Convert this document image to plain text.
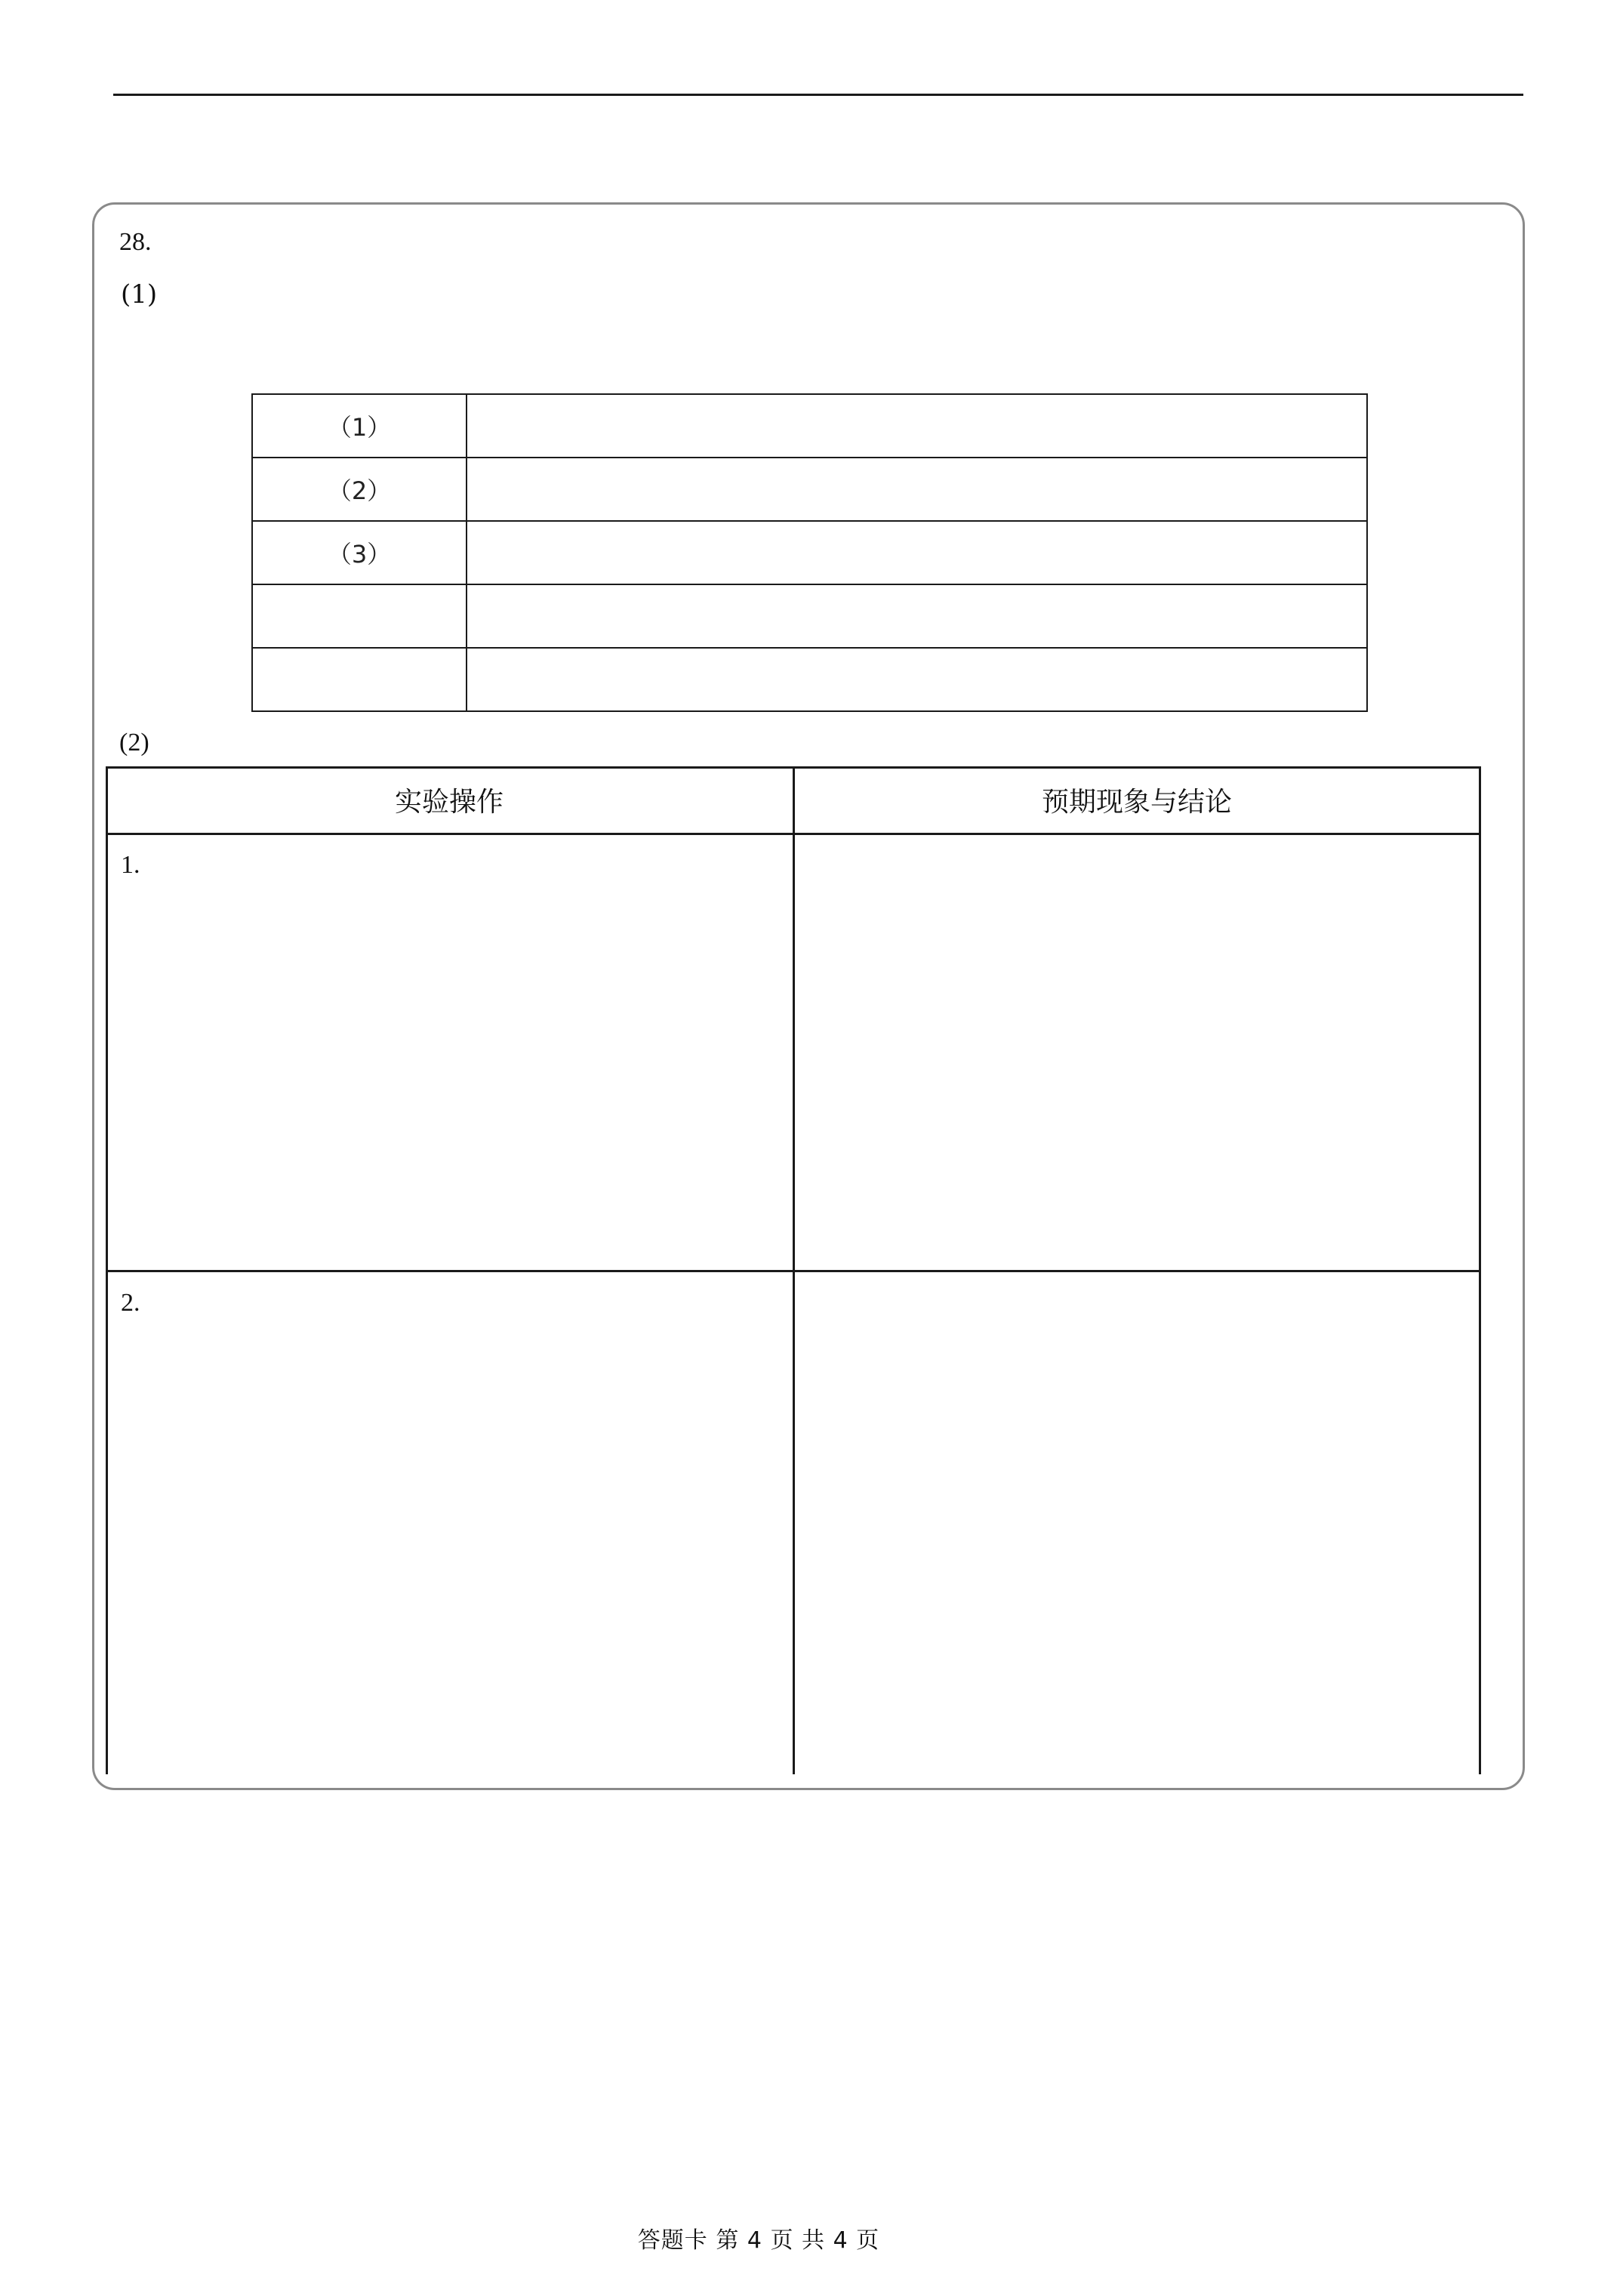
28.
(1)
（1）	
（2）	
（3）	

(2)
实验操作	预期现象与结论
1.
2.
答题卡 第 4 页 共 4 页
